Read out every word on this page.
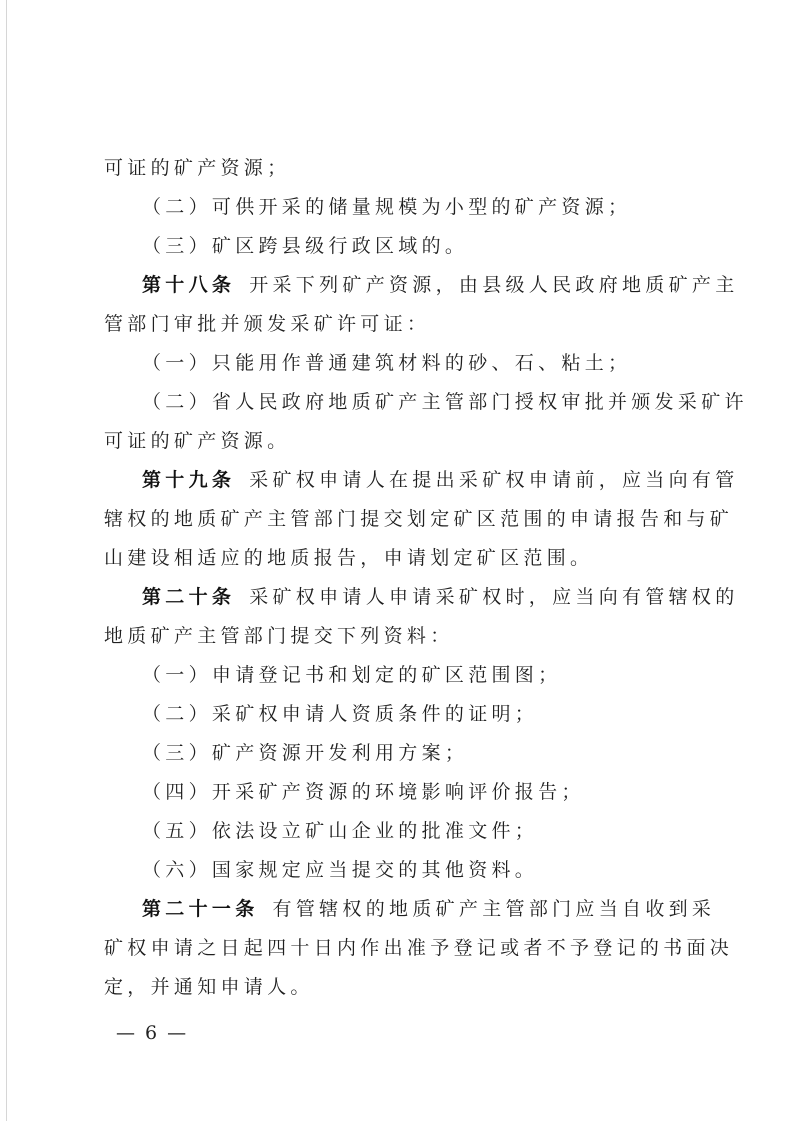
可证的矿产资源；
（二）可供开采的储量规模为小型的矿产资源；
（三）矿区跨县级行政区域的。
第十八条 开采下列矿产资源，由县级人民政府地质矿产主
管部门审批并颁发采矿许可证：
（一）只能用作普通建筑材料的砂、石、粘土；
（二）省人民政府地质矿产主管部门授权审批并颁发采矿许
可证的矿产资源。
第十九条 采矿权申请人在提出采矿权申请前，应当向有管
辖权的地质矿产主管部门提交划定矿区范围的申请报告和与矿
山建设相适应的地质报告，申请划定矿区范围。
第二十条 采矿权申请人申请采矿权时，应当向有管辖权的
地质矿产主管部门提交下列资料：
（一）申请登记书和划定的矿区范围图；
（二）采矿权申请人资质条件的证明；
（三）矿产资源开发利用方案；
（四）开采矿产资源的环境影响评价报告；
（五）依法设立矿山企业的批准文件；
（六）国家规定应当提交的其他资料。
第二十一条 有管辖权的地质矿产主管部门应当自收到采
矿权申请之日起四十日内作出准予登记或者不予登记的书面决
定，并通知申请人。
— 6 —
